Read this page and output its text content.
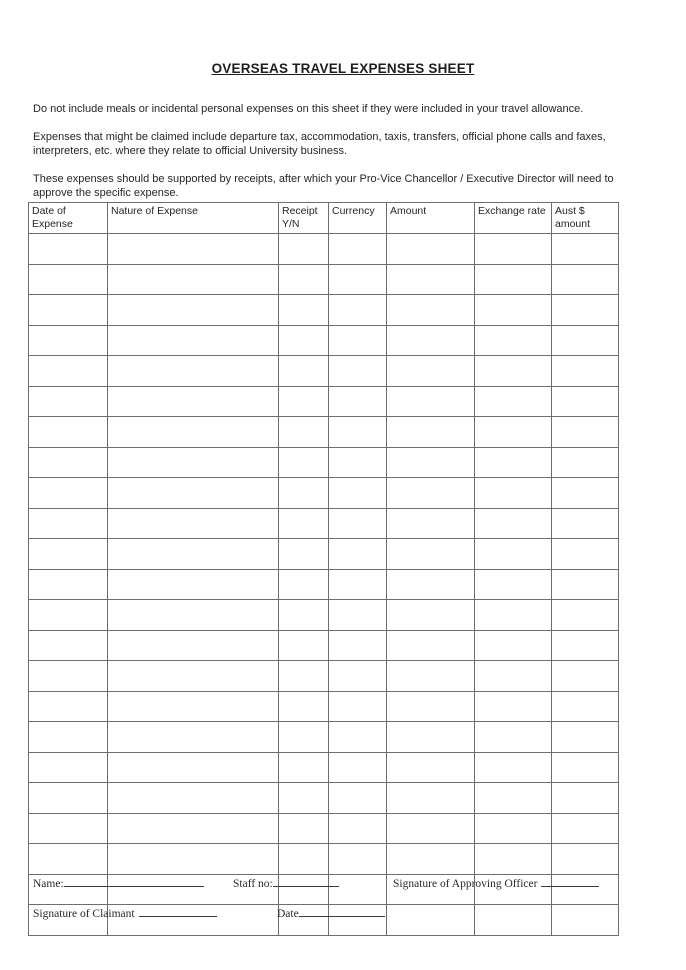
OVERSEAS TRAVEL EXPENSES SHEET

Do not include meals or incidental personal expenses on this sheet if they were included in your travel allowance.

Expenses that might be claimed include departure tax, accommodation, taxis, transfers, official phone calls and faxes, interpreters, etc. where they relate to official University business.

These expenses should be supported by receipts, after which your Pro-Vice Chancellor / Executive Director will need to approve the specific expense.

Date of Expense	Nature of Expense	Receipt Y/N	Currency	Amount	Exchange rate	Aust $ amount

Name:	Staff no:	Signature of Approving Officer
Signature of Claimant	Date
